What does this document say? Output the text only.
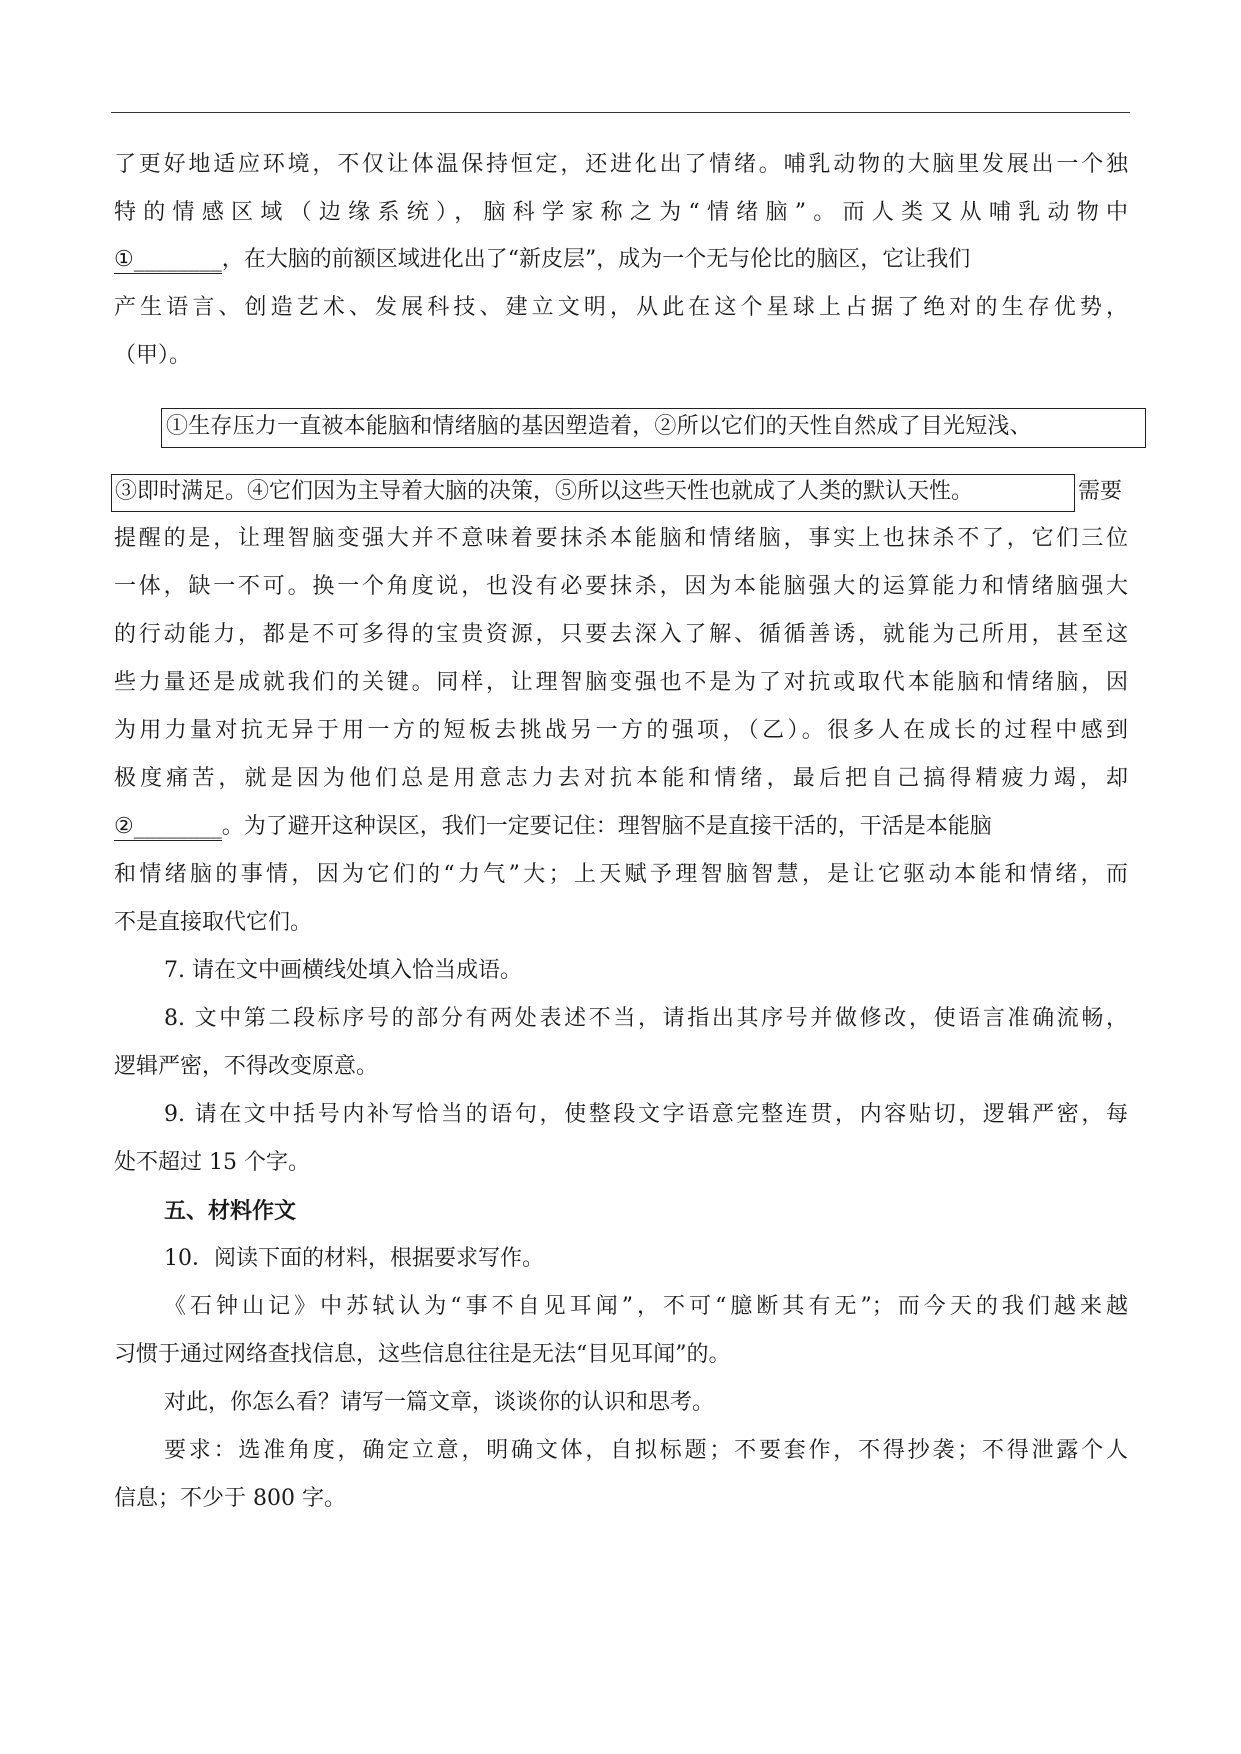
了更好地适应环境，不仅让体温保持恒定，还进化出了情绪。哺乳动物的大脑里发展出一个独
特的情感区域（边缘系统），脑科学家称之为“情绪脑”。而人类又从哺乳动物中
①________，在大脑的前额区域进化出了“新皮层”，成为一个无与伦比的脑区，它让我们
产生语言、创造艺术、发展科技、建立文明，从此在这个星球上占据了绝对的生存优势，
（甲）。
①生存压力一直被本能脑和情绪脑的基因塑造着，②所以它们的天性自然成了目光短浅、
③即时满足。④它们因为主导着大脑的决策，⑤所以这些天性也就成了人类的默认天性。	需要
提醒的是，让理智脑变强大并不意味着要抹杀本能脑和情绪脑，事实上也抹杀不了，它们三位
一体，缺一不可。换一个角度说，也没有必要抹杀，因为本能脑强大的运算能力和情绪脑强大
的行动能力，都是不可多得的宝贵资源，只要去深入了解、循循善诱，就能为己所用，甚至这
些力量还是成就我们的关键。同样，让理智脑变强也不是为了对抗或取代本能脑和情绪脑，因
为用力量对抗无异于用一方的短板去挑战另一方的强项，（乙）。很多人在成长的过程中感到
极度痛苦，就是因为他们总是用意志力去对抗本能和情绪，最后把自己搞得精疲力竭，却
②________。为了避开这种误区，我们一定要记住：理智脑不是直接干活的，干活是本能脑
和情绪脑的事情，因为它们的“力气”大；上天赋予理智脑智慧，是让它驱动本能和情绪，而
不是直接取代它们。
7. 请在文中画横线处填入恰当成语。
8. 文中第二段标序号的部分有两处表述不当，请指出其序号并做修改，使语言准确流畅，
逻辑严密，不得改变原意。
9. 请在文中括号内补写恰当的语句，使整段文字语意完整连贯，内容贴切，逻辑严密，每
处不超过 15 个字。
五、材料作文
10．阅读下面的材料，根据要求写作。
《石钟山记》中苏轼认为“事不自见耳闻”，不可“臆断其有无”；而今天的我们越来越
习惯于通过网络查找信息，这些信息往往是无法“目见耳闻”的。
对此，你怎么看？请写一篇文章，谈谈你的认识和思考。
要求：选准角度，确定立意，明确文体，自拟标题；不要套作，不得抄袭；不得泄露个人
信息；不少于 800 字。
